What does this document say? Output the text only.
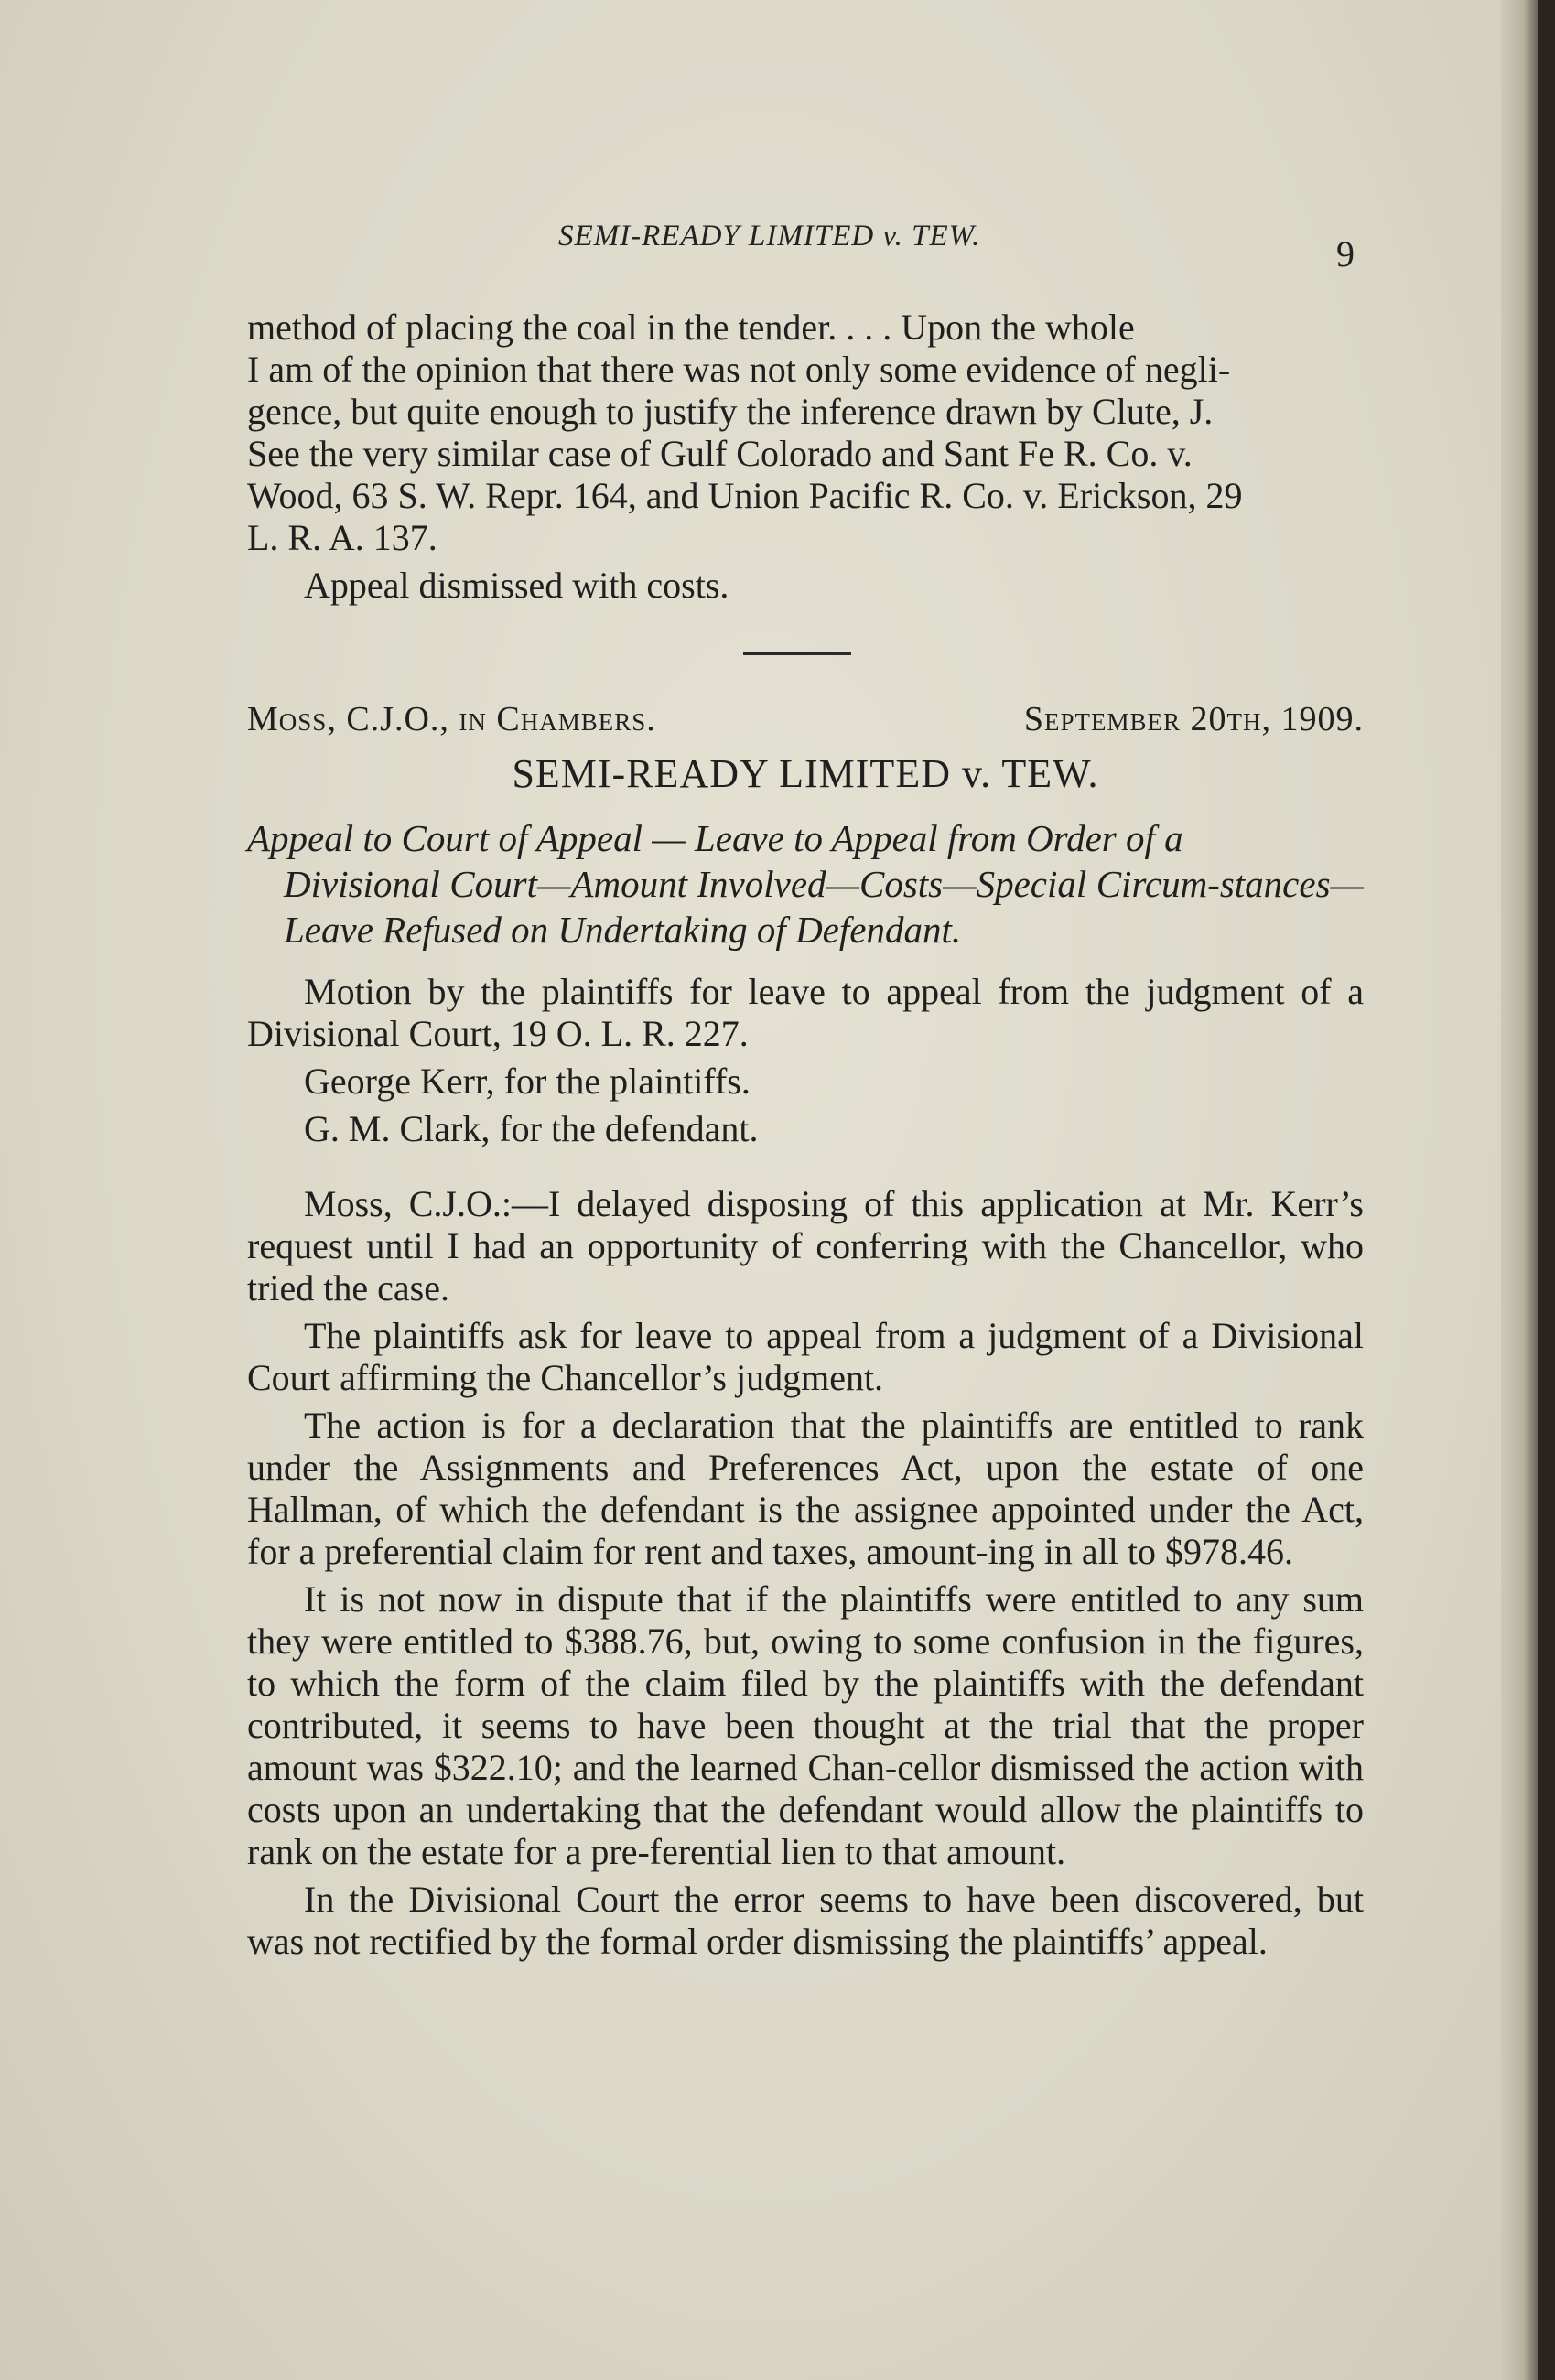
SEMI-READY LIMITED v. TEW.	9

method of placing the coal in the tender. . . . Upon the whole

I am of the opinion that there was not only some evidence of negli-

gence, but quite enough to justify the inference drawn by Clute, J.

See the very similar case of Gulf Colorado and Sant Fe R. Co. v.

Wood, 63 S. W. Repr. 164, and Union Pacific R. Co. v. Erickson, 29

L. R. A. 137.

Appeal dismissed with costs.

Moss, C.J.O., in Chambers.	September 20th, 1909.
SEMI-READY LIMITED v. TEW.
Appeal to Court of Appeal — Leave to Appeal from Order of a
Divisional Court—Amount Involved—Costs—Special Circum-stances—Leave Refused on Undertaking of Defendant.

Motion by the plaintiffs for leave to appeal from the judgment of a Divisional Court, 19 O. L. R. 227.

George Kerr, for the plaintiffs.

G. M. Clark, for the defendant.

Moss, C.J.O.:—I delayed disposing of this application at Mr. Kerr’s request until I had an opportunity of conferring with the Chancellor, who tried the case.

The plaintiffs ask for leave to appeal from a judgment of a Divisional Court affirming the Chancellor’s judgment.

The action is for a declaration that the plaintiffs are entitled to rank under the Assignments and Preferences Act, upon the estate of one Hallman, of which the defendant is the assignee appointed under the Act, for a preferential claim for rent and taxes, amount-ing in all to $978.46.

It is not now in dispute that if the plaintiffs were entitled to any sum they were entitled to $388.76, but, owing to some confusion in the figures, to which the form of the claim filed by the plaintiffs with the defendant contributed, it seems to have been thought at the trial that the proper amount was $322.10; and the learned Chan-cellor dismissed the action with costs upon an undertaking that the defendant would allow the plaintiffs to rank on the estate for a pre-ferential lien to that amount.

In the Divisional Court the error seems to have been discovered, but was not rectified by the formal order dismissing the plaintiffs’ appeal.
